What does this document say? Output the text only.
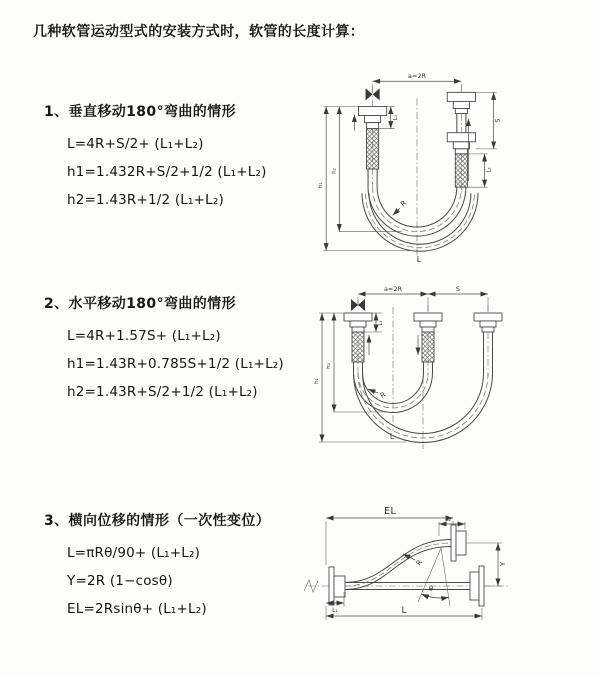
几种软管运动型式的安装方式时，软管的长度计算：
1、垂直移动180°弯曲的情形
L=4R+S/2+ (L₁+L₂)
h1=1.432R+S/2+1/2 (L₁+L₂)
h2=1.43R+1/2 (L₁+L₂)
a=2R
L₁
S
L₂
h₁
h₂
R
L
2、水平移动180°弯曲的情形
L=4R+1.57S+ (L₁+L₂)
h1=1.43R+0.785S+1/2 (L₁+L₂)
h2=1.43R+S/2+1/2 (L₁+L₂)
a=2R	S
L₁
h₁
h₂
R
L
3、横向位移的情形（一次性变位）
L=πRθ/90+ (L₁+L₂)
Y=2R (1−cosθ)
EL=2Rsinθ+ (L₁+L₂)
EL
L₂
Y
θ
R
L₁	L
